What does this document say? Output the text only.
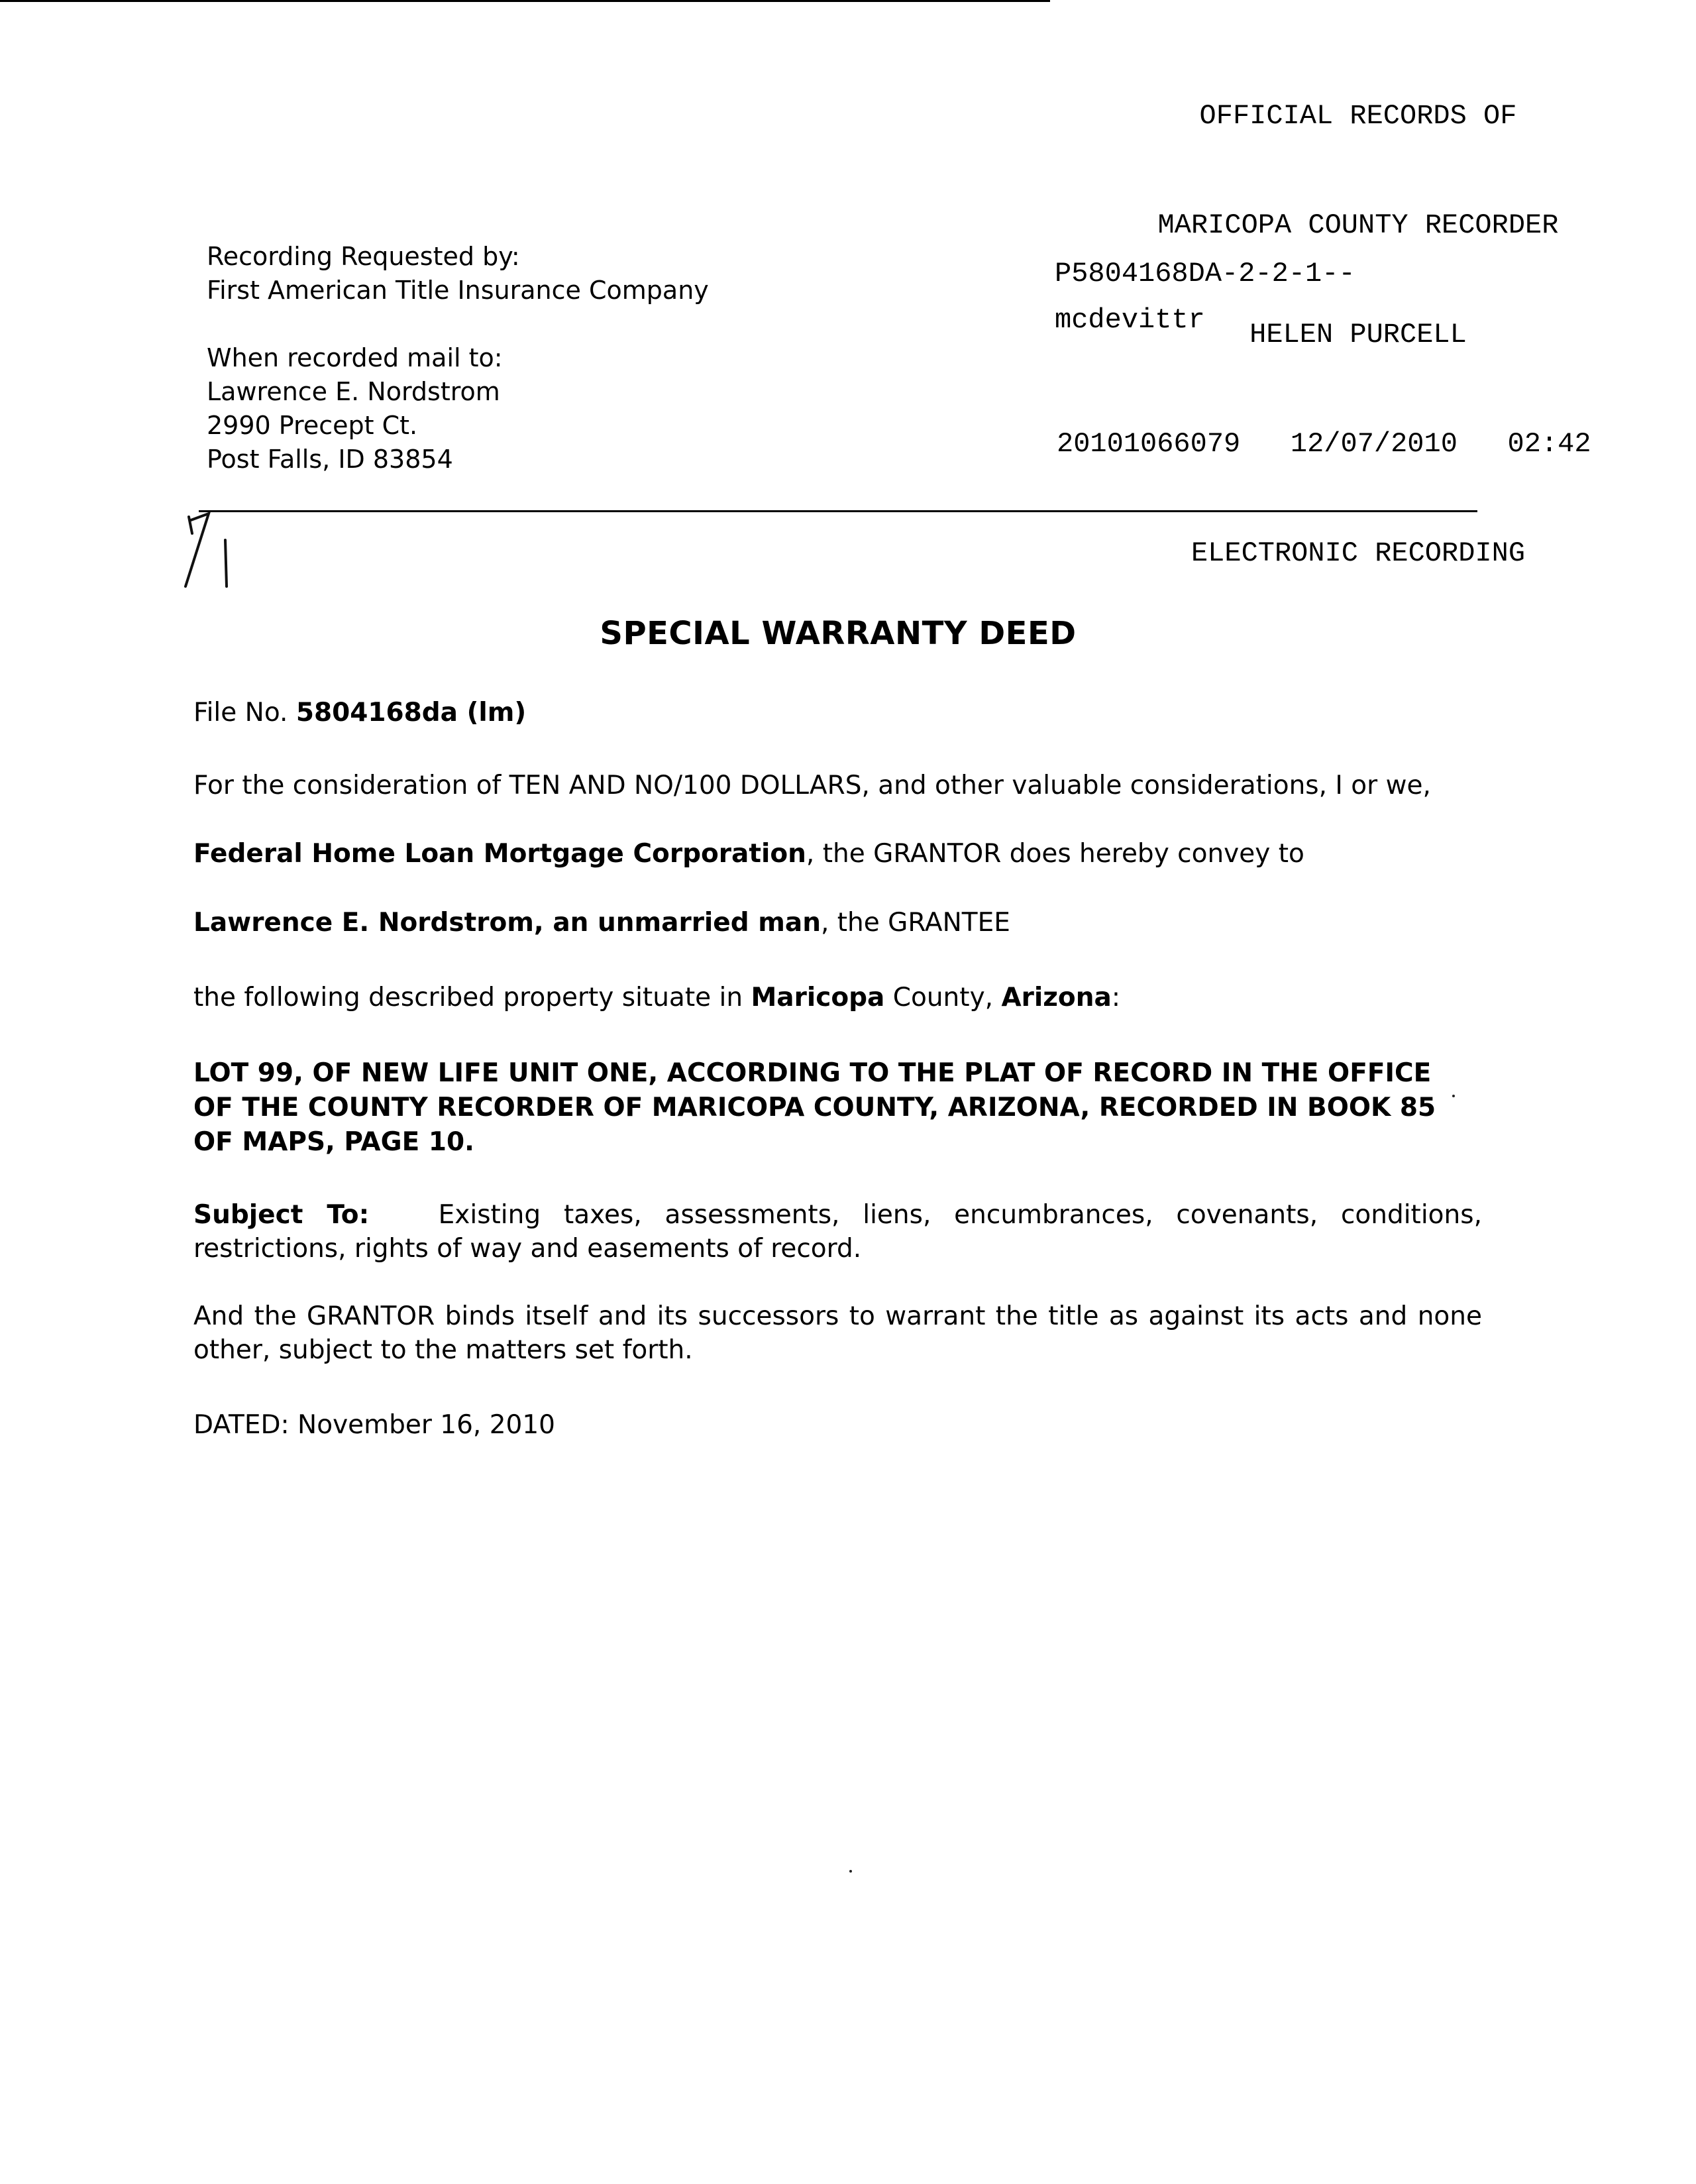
OFFICIAL RECORDS OF

MARICOPA COUNTY RECORDER

HELEN PURCELL

20101066079 12/07/2010 02:42

ELECTRONIC RECORDING

P5804168DA-2-2-1--
mcdevittr
Recording Requested by:
First American Title Insurance Company
When recorded mail to:
Lawrence E. Nordstrom
2990 Precept Ct.
Post Falls, ID 83854
SPECIAL WARRANTY DEED
File No. 5804168da (lm)
For the consideration of TEN AND NO/100 DOLLARS, and other valuable considerations, I or we,
Federal Home Loan Mortgage Corporation, the GRANTOR does hereby convey to
Lawrence E. Nordstrom, an unmarried man, the GRANTEE
the following described property situate in Maricopa County, Arizona:
LOT 99, OF NEW LIFE UNIT ONE, ACCORDING TO THE PLAT OF RECORD IN THE OFFICE OF THE COUNTY RECORDER OF MARICOPA COUNTY, ARIZONA, RECORDED IN BOOK 85 OF MAPS, PAGE 10.
Subject To:	Existing taxes, assessments, liens, encumbrances, covenants, conditions, restrictions, rights of way and easements of record.
And the GRANTOR binds itself and its successors to warrant the title as against its acts and none other, subject to the matters set forth.
DATED: November 16, 2010
